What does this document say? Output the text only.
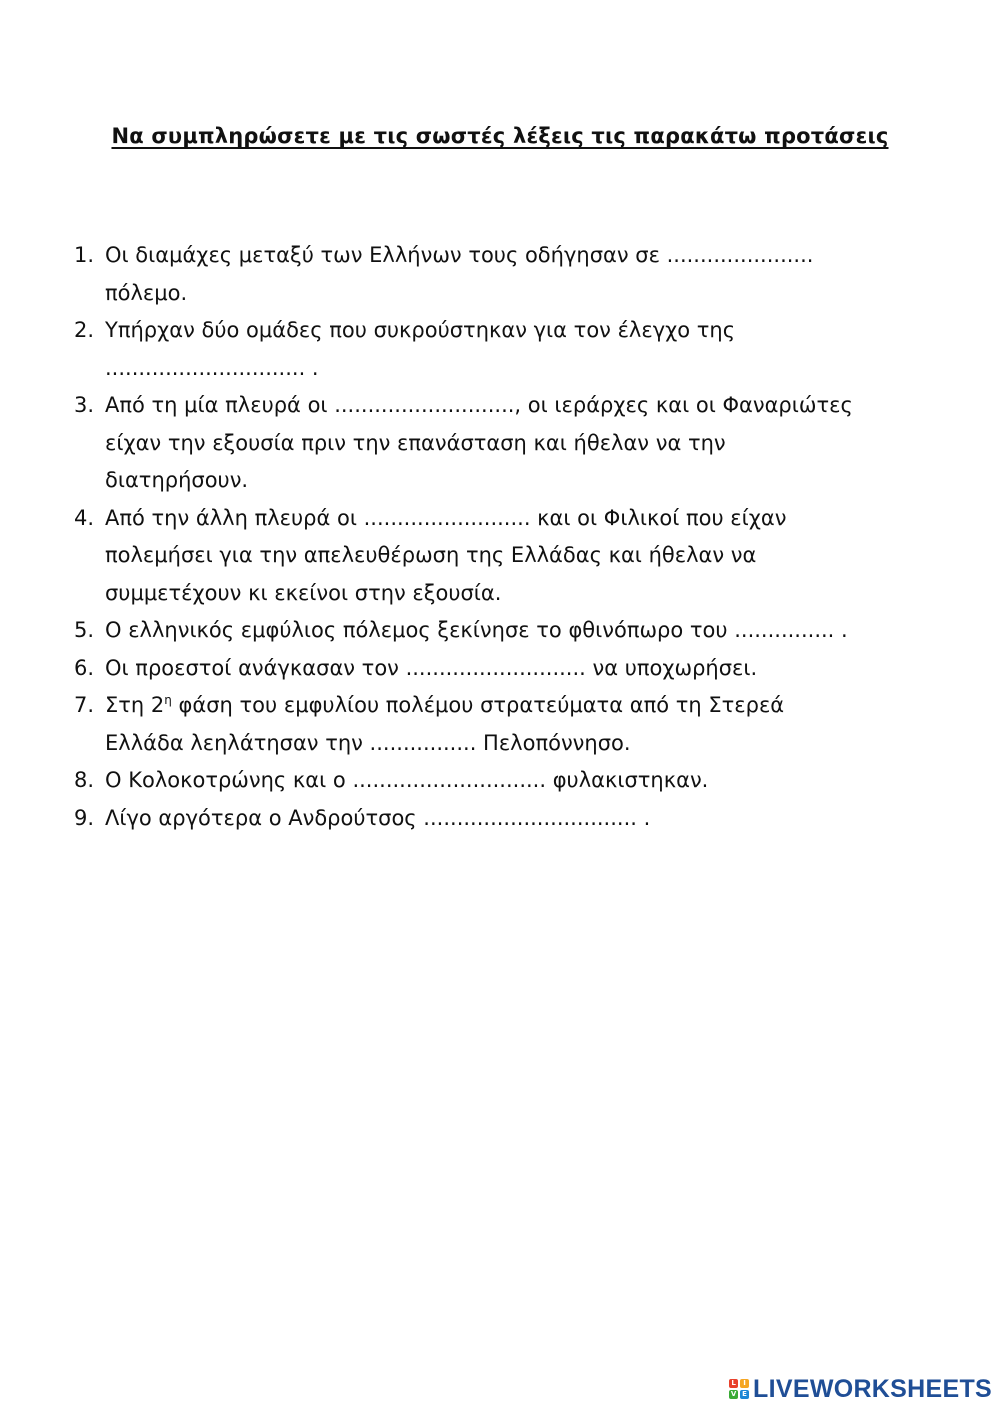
Να συμπληρώσετε με τις σωστές λέξεις τις παρακάτω προτάσεις
1. Οι διαμάχες μεταξύ των Ελλήνων τους οδήγησαν σε ......................
πόλεμο.
2. Υπήρχαν δύο ομάδες που συκρούστηκαν για τον έλεγχο της
.............................. .
3. Από τη μία πλευρά οι ..........................., οι ιεράρχες και οι Φαναριώτες
είχαν την εξουσία πριν την επανάσταση και ήθελαν να την
διατηρήσουν.
4. Από την άλλη πλευρά οι ......................... και οι Φιλικοί που είχαν
πολεμήσει για την απελευθέρωση της Ελλάδας και ήθελαν να
συμμετέχουν κι εκείνοι στην εξουσία.
5. Ο ελληνικός εμφύλιος πόλεμος ξεκίνησε το φθινόπωρο του ............... .
6. Οι προεστοί ανάγκασαν τον ........................... να υποχωρήσει.
7. Στη $2^\eta$ φάση του εμφυλίου πολέμου στρατεύματα από τη Στερεά
Ελλάδα λεηλάτησαν την ................ Πελοπόννησο.
8. Ο Κολοκοτρώνης και ο ............................. φυλακιστηκαν.
9. Λίγο αργότερα ο Ανδρούτσος ................................ .
L	I
V E LIVEWORKSHEETS
